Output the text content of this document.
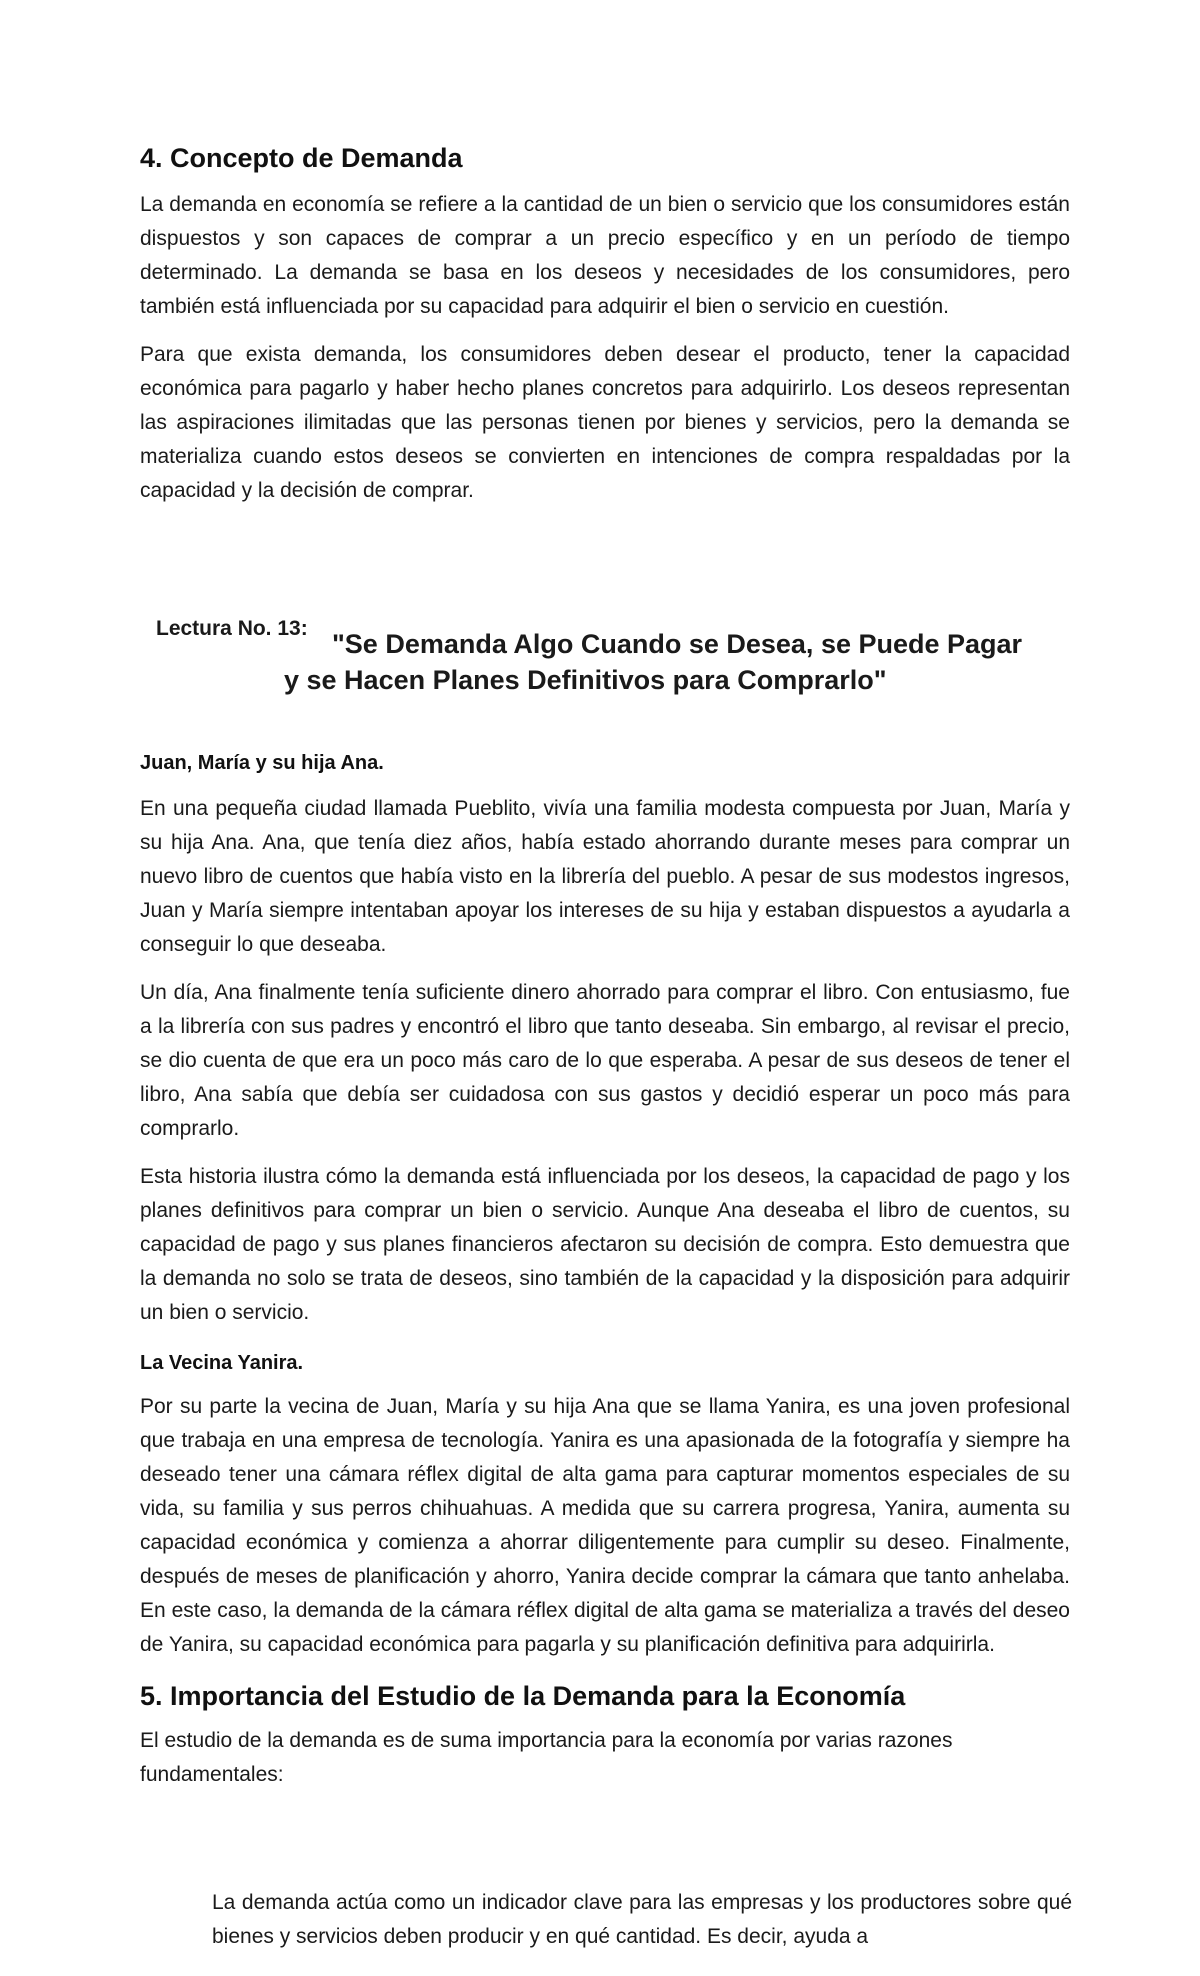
4. Concepto de Demanda

La demanda en economía se refiere a la cantidad de un bien o servicio que los consumidores están dispuestos y son capaces de comprar a un precio específico y en un período de tiempo determinado. La demanda se basa en los deseos y necesidades de los consumidores, pero también está influenciada por su capacidad para adquirir el bien o servicio en cuestión.

Para que exista demanda, los consumidores deben desear el producto, tener la capacidad económica para pagarlo y haber hecho planes concretos para adquirirlo. Los deseos representan las aspiraciones ilimitadas que las personas tienen por bienes y servicios, pero la demanda se materializa cuando estos deseos se convierten en intenciones de compra respaldadas por la capacidad y la decisión de comprar.

Lectura No. 13:
"Se Demanda Algo Cuando se Desea, se Puede Pagar
y se Hacen Planes Definitivos para Comprarlo"
Juan, María y su hija Ana.

En una pequeña ciudad llamada Pueblito, vivía una familia modesta compuesta por Juan, María y su hija Ana. Ana, que tenía diez años, había estado ahorrando durante meses para comprar un nuevo libro de cuentos que había visto en la librería del pueblo. A pesar de sus modestos ingresos, Juan y María siempre intentaban apoyar los intereses de su hija y estaban dispuestos a ayudarla a conseguir lo que deseaba.

Un día, Ana finalmente tenía suficiente dinero ahorrado para comprar el libro. Con entusiasmo, fue a la librería con sus padres y encontró el libro que tanto deseaba. Sin embargo, al revisar el precio, se dio cuenta de que era un poco más caro de lo que esperaba. A pesar de sus deseos de tener el libro, Ana sabía que debía ser cuidadosa con sus gastos y decidió esperar un poco más para comprarlo.

Esta historia ilustra cómo la demanda está influenciada por los deseos, la capacidad de pago y los planes definitivos para comprar un bien o servicio. Aunque Ana deseaba el libro de cuentos, su capacidad de pago y sus planes financieros afectaron su decisión de compra. Esto demuestra que la demanda no solo se trata de deseos, sino también de la capacidad y la disposición para adquirir un bien o servicio.

La Vecina Yanira.

Por su parte la vecina de Juan, María y su hija Ana que se llama Yanira, es una joven profesional que trabaja en una empresa de tecnología. Yanira es una apasionada de la fotografía y siempre ha deseado tener una cámara réflex digital de alta gama para capturar momentos especiales de su vida, su familia y sus perros chihuahuas. A medida que su carrera progresa, Yanira, aumenta su capacidad económica y comienza a ahorrar diligentemente para cumplir su deseo. Finalmente, después de meses de planificación y ahorro, Yanira decide comprar la cámara que tanto anhelaba. En este caso, la demanda de la cámara réflex digital de alta gama se materializa a través del deseo de Yanira, su capacidad económica para pagarla y su planificación definitiva para adquirirla.

5. Importancia del Estudio de la Demanda para la Economía

El estudio de la demanda es de suma importancia para la economía por varias razones fundamentales:

La demanda actúa como un indicador clave para las empresas y los productores sobre qué bienes y servicios deben producir y en qué cantidad. Es decir, ayuda a
